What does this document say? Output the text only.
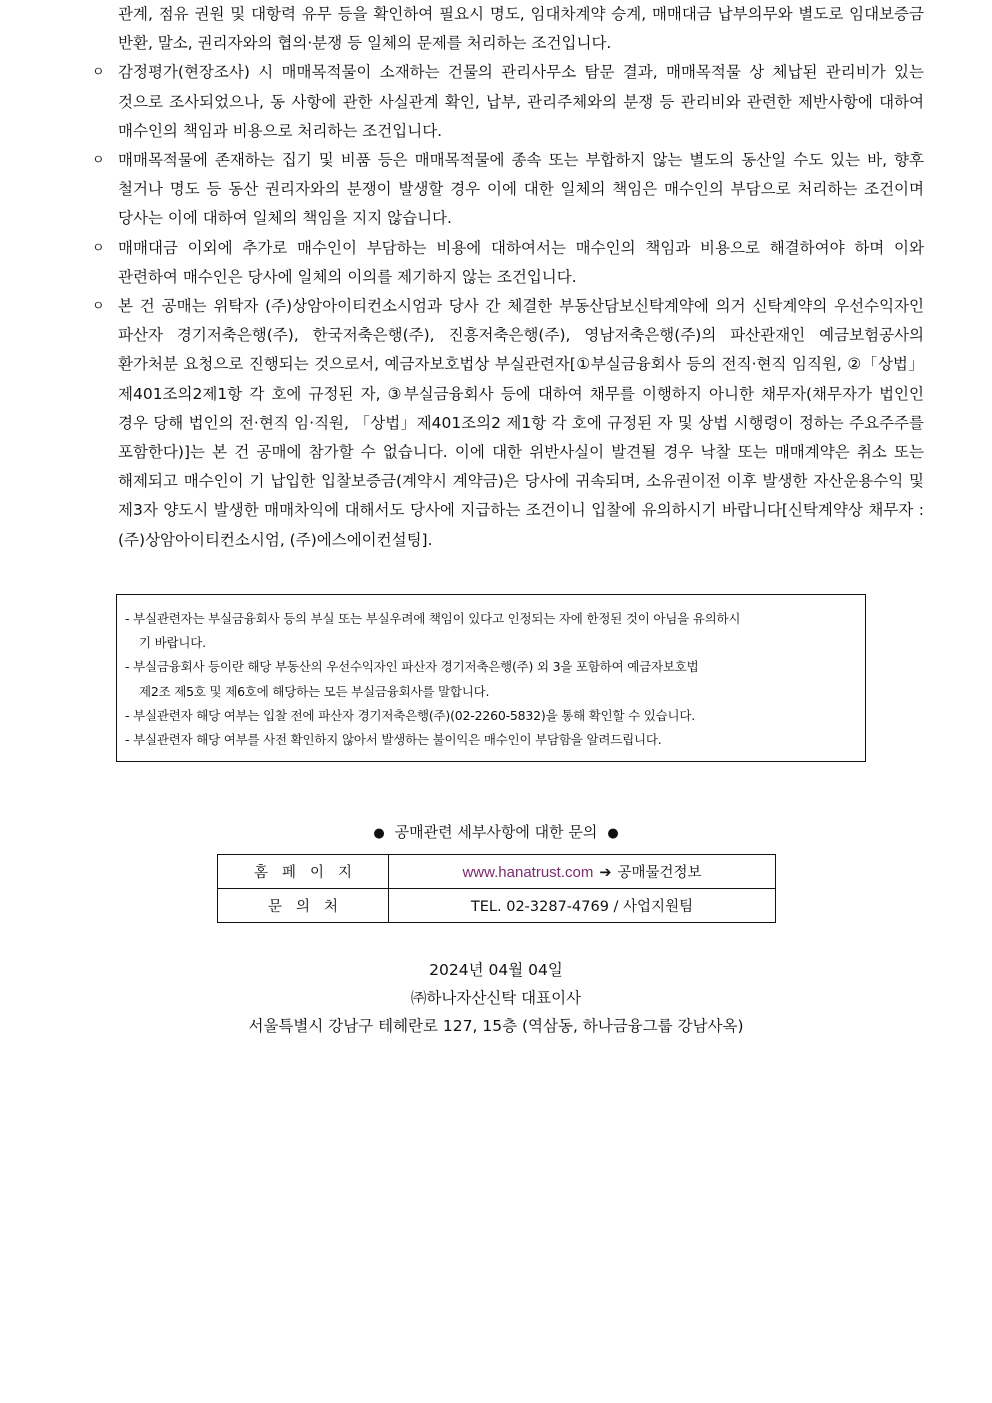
관계, 점유 권원 및 대항력 유무 등을 확인하여 필요시 명도, 임대차계약 승계, 매매대금 납부의무와 별도로 임대보증금 반환, 말소, 권리자와의 협의·분쟁 등 일체의 문제를 처리하는 조건입니다.
ㅇ 감정평가(현장조사) 시 매매목적물이 소재하는 건물의 관리사무소 탐문 결과, 매매목적물 상 체납된 관리비가 있는 것으로 조사되었으나, 동 사항에 관한 사실관계 확인, 납부, 관리주체와의 분쟁 등 관리비와 관련한 제반사항에 대하여 매수인의 책임과 비용으로 처리하는 조건입니다.
ㅇ 매매목적물에 존재하는 집기 및 비품 등은 매매목적물에 종속 또는 부합하지 않는 별도의 동산일 수도 있는 바, 향후 철거나 명도 등 동산 권리자와의 분쟁이 발생할 경우 이에 대한 일체의 책임은 매수인의 부담으로 처리하는 조건이며 당사는 이에 대하여 일체의 책임을 지지 않습니다.
ㅇ 매매대금 이외에 추가로 매수인이 부담하는 비용에 대하여서는 매수인의 책임과 비용으로 해결하여야 하며 이와 관련하여 매수인은 당사에 일체의 이의를 제기하지 않는 조건입니다.
ㅇ 본 건 공매는 위탁자 (주)상암아이티컨소시엄과 당사 간 체결한 부동산담보신탁계약에 의거 신탁계약의 우선수익자인 파산자 경기저축은행(주), 한국저축은행(주), 진흥저축은행(주), 영남저축은행(주)의 파산관재인 예금보험공사의 환가처분 요청으로 진행되는 것으로서, 예금자보호법상 부실관련자[①부실금융회사 등의 전직·현직 임직원, ②「상법」 제401조의2제1항 각 호에 규정된 자, ③부실금융회사 등에 대하여 채무를 이행하지 아니한 채무자(채무자가 법인인 경우 당해 법인의 전·현직 임·직원, 「상법」제401조의2 제1항 각 호에 규정된 자 및 상법 시행령이 정하는 주요주주를 포함한다)]는 본 건 공매에 참가할 수 없습니다. 이에 대한 위반사실이 발견될 경우 낙찰 또는 매매계약은 취소 또는 해제되고 매수인이 기 납입한 입찰보증금(계약시 계약금)은 당사에 귀속되며, 소유권이전 이후 발생한 자산운용수익 및 제3자 양도시 발생한 매매차익에 대해서도 당사에 지급하는 조건이니 입찰에 유의하시기 바랍니다[신탁계약상 채무자 : (주)상암아이티컨소시엄, (주)에스에이컨설팅].
- 부실관련자는 부실금융회사 등의 부실 또는 부실우려에 책임이 있다고 인정되는 자에 한정된 것이 아님을 유의하시
기 바랍니다.
- 부실금융회사 등이란 해당 부동산의 우선수익자인 파산자 경기저축은행(주) 외 3을 포함하여 예금자보호법
제2조 제5호 및 제6호에 해당하는 모든 부실금융회사를 말합니다.
- 부실관련자 해당 여부는 입찰 전에 파산자 경기저축은행(주)(02-2260-5832)을 통해 확인할 수 있습니다.
- 부실관련자 해당 여부를 사전 확인하지 않아서 발생하는 불이익은 매수인이 부담함을 알려드립니다.
● 공매관련 세부사항에 대한 문의 ●
홈페이지	www.hanatrust.com ➔ 공매물건정보
문의처	TEL. 02-3287-4769 / 사업지원팀
2024년 04월 04일
㈜하나자산신탁 대표이사
서울특별시 강남구 테헤란로 127, 15층 (역삼동, 하나금융그룹 강남사옥)
